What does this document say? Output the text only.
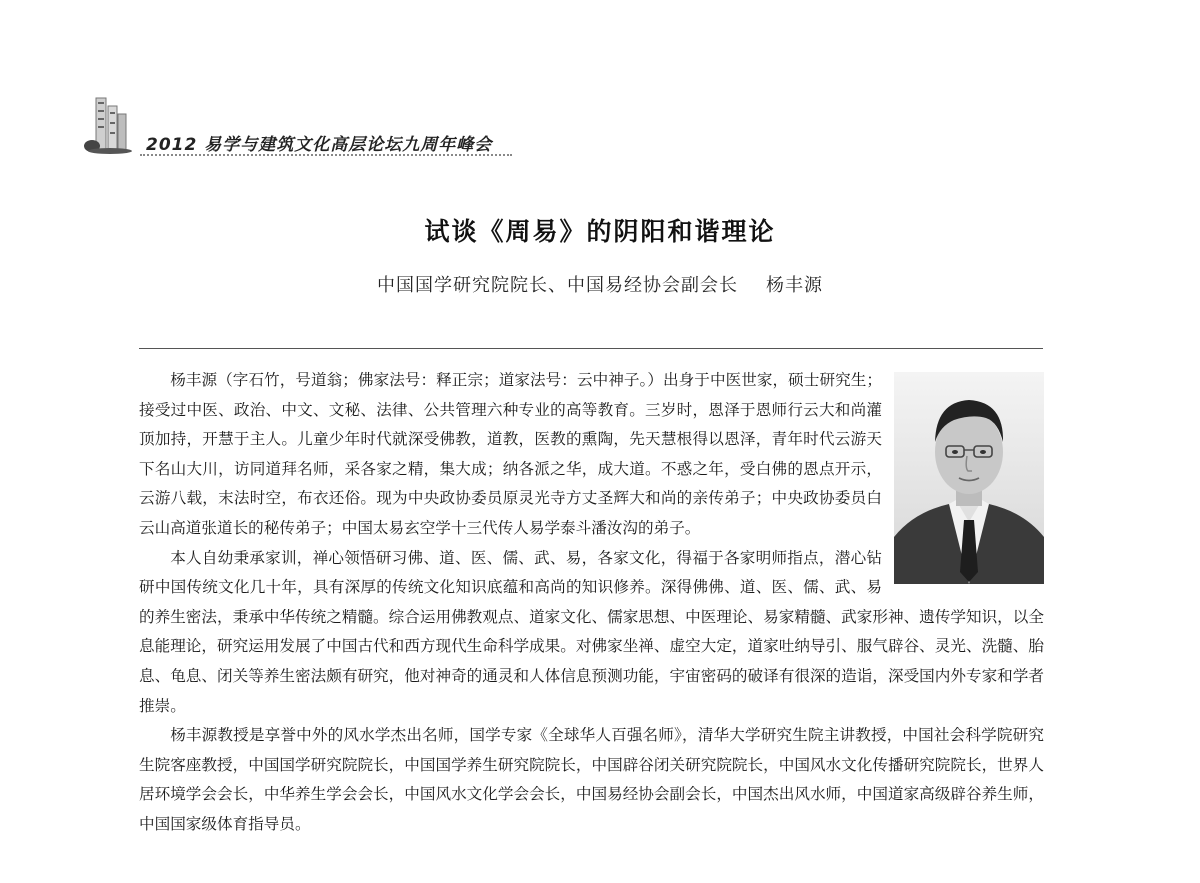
2012 易学与建筑文化高层论坛九周年峰会
试谈《周易》的阴阳和谐理论
中国国学研究院院长、中国易经协会副会长 杨丰源

杨丰源（字石竹，号道翁；佛家法号：释正宗；道家法号：云中神子。）出身于中医世家，硕士研究生；接受过中医、政治、中文、文秘、法律、公共管理六种专业的高等教育。三岁时，恩泽于恩师行云大和尚灌顶加持，开慧于主人。儿童少年时代就深受佛教，道教，医教的熏陶，先天慧根得以恩泽，青年时代云游天下名山大川，访同道拜名师，采各家之精，集大成；纳各派之华，成大道。不惑之年，受白佛的恩点开示，云游八载，末法时空，布衣还俗。现为中央政协委员原灵光寺方丈圣辉大和尚的亲传弟子；中央政协委员白云山高道张道长的秘传弟子；中国太易玄空学十三代传人易学泰斗潘汝沟的弟子。

本人自幼秉承家训，禅心领悟研习佛、道、医、儒、武、易，各家文化，得福于各家明师指点，潜心钻研中国传统文化几十年，具有深厚的传统文化知识底蕴和高尚的知识修养。深得佛佛、道、医、儒、武、易的养生密法，秉承中华传统之精髓。综合运用佛教观点、道家文化、儒家思想、中医理论、易家精髓、武家形神、遗传学知识，以全息能理论，研究运用发展了中国古代和西方现代生命科学成果。对佛家坐禅、虚空大定，道家吐纳导引、服气辟谷、灵光、洗髓、胎息、龟息、闭关等养生密法颇有研究，他对神奇的通灵和人体信息预测功能，宇宙密码的破译有很深的造诣，深受国内外专家和学者推崇。

杨丰源教授是享誉中外的风水学杰出名师，国学专家《全球华人百强名师》，清华大学研究生院主讲教授，中国社会科学院研究生院客座教授，中国国学研究院院长，中国国学养生研究院院长，中国辟谷闭关研究院院长，中国风水文化传播研究院院长，世界人居环境学会会长，中华养生学会会长，中国风水文化学会会长，中国易经协会副会长，中国杰出风水师，中国道家高级辟谷养生师，中国国家级体育指导员。
